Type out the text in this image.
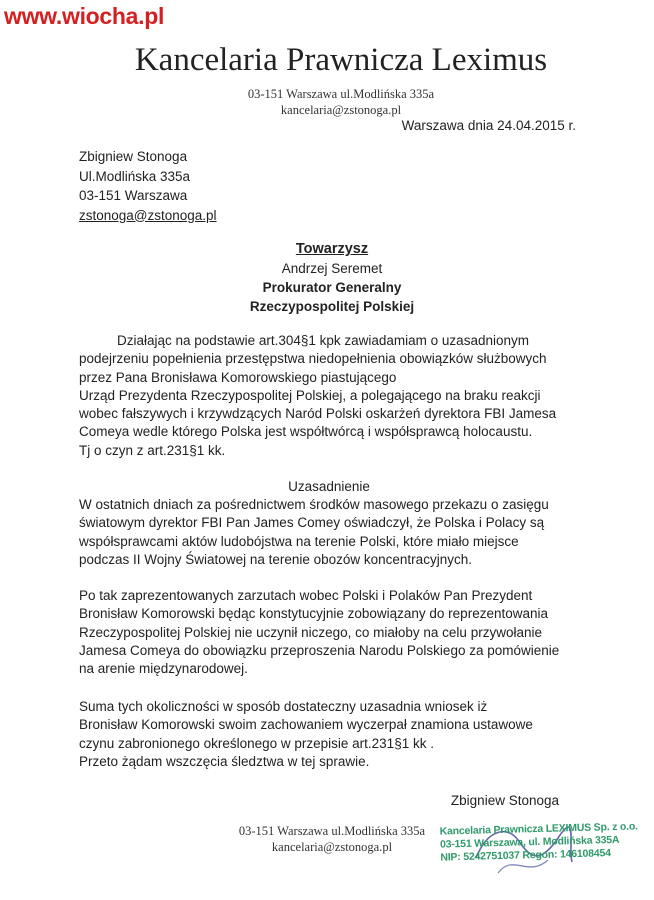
www.wiocha.pl
Kancelaria Prawnicza Leximus
03-151 Warszawa ul.Modlińska 335a
kancelaria@zstonoga.pl
Warszawa dnia 24.04.2015 r.
Zbigniew Stonoga
Ul.Modlińska 335a
03-151 Warszawa
zstonoga@zstonoga.pl
Towarzysz
Andrzej Seremet
Prokurator Generalny
Rzeczypospolitej Polskiej
Działając na podstawie art.304§1 kpk zawiadamiam o uzasadnionym
podejrzeniu popełnienia przestępstwa niedopełnienia obowiązków służbowych
przez Pana Bronisława Komorowskiego piastującego
Urząd Prezydenta Rzeczypospolitej Polskiej, a polegającego na braku reakcji
wobec fałszywych i krzywdzących Naród Polski oskarżeń dyrektora FBI Jamesa
Comeya wedle którego Polska jest współtwórcą i współsprawcą holocaustu.
Tj o czyn z art.231§1 kk.
Uzasadnienie
W ostatnich dniach za pośrednictwem środków masowego przekazu o zasięgu
światowym dyrektor FBI Pan James Comey oświadczył, że Polska i Polacy są
współsprawcami aktów ludobójstwa na terenie Polski, które miało miejsce
podczas II Wojny Światowej na terenie obozów koncentracyjnych.
Po tak zaprezentowanych zarzutach wobec Polski i Polaków Pan Prezydent
Bronisław Komorowski będąc konstytucyjnie zobowiązany do reprezentowania
Rzeczypospolitej Polskiej nie uczynił niczego, co miałoby na celu przywołanie
Jamesa Comeya do obowiązku przeproszenia Narodu Polskiego za pomówienie
na arenie międzynarodowej.
Suma tych okoliczności w sposób dostateczny uzasadnia wniosek iż
Bronisław Komorowski swoim zachowaniem wyczerpał znamiona ustawowe
czynu zabronionego określonego w przepisie art.231§1 kk .
Przeto żądam wszczęcia śledztwa w tej sprawie.
Zbigniew Stonoga
03-151 Warszawa ul.Modlińska 335a
kancelaria@zstonoga.pl
Kancelaria Prawnicza LEXIMUS Sp. z o.o.
03-151 Warszawa, ul. Modlińska 335A
NIP: 5242751037 Regon: 146108454
